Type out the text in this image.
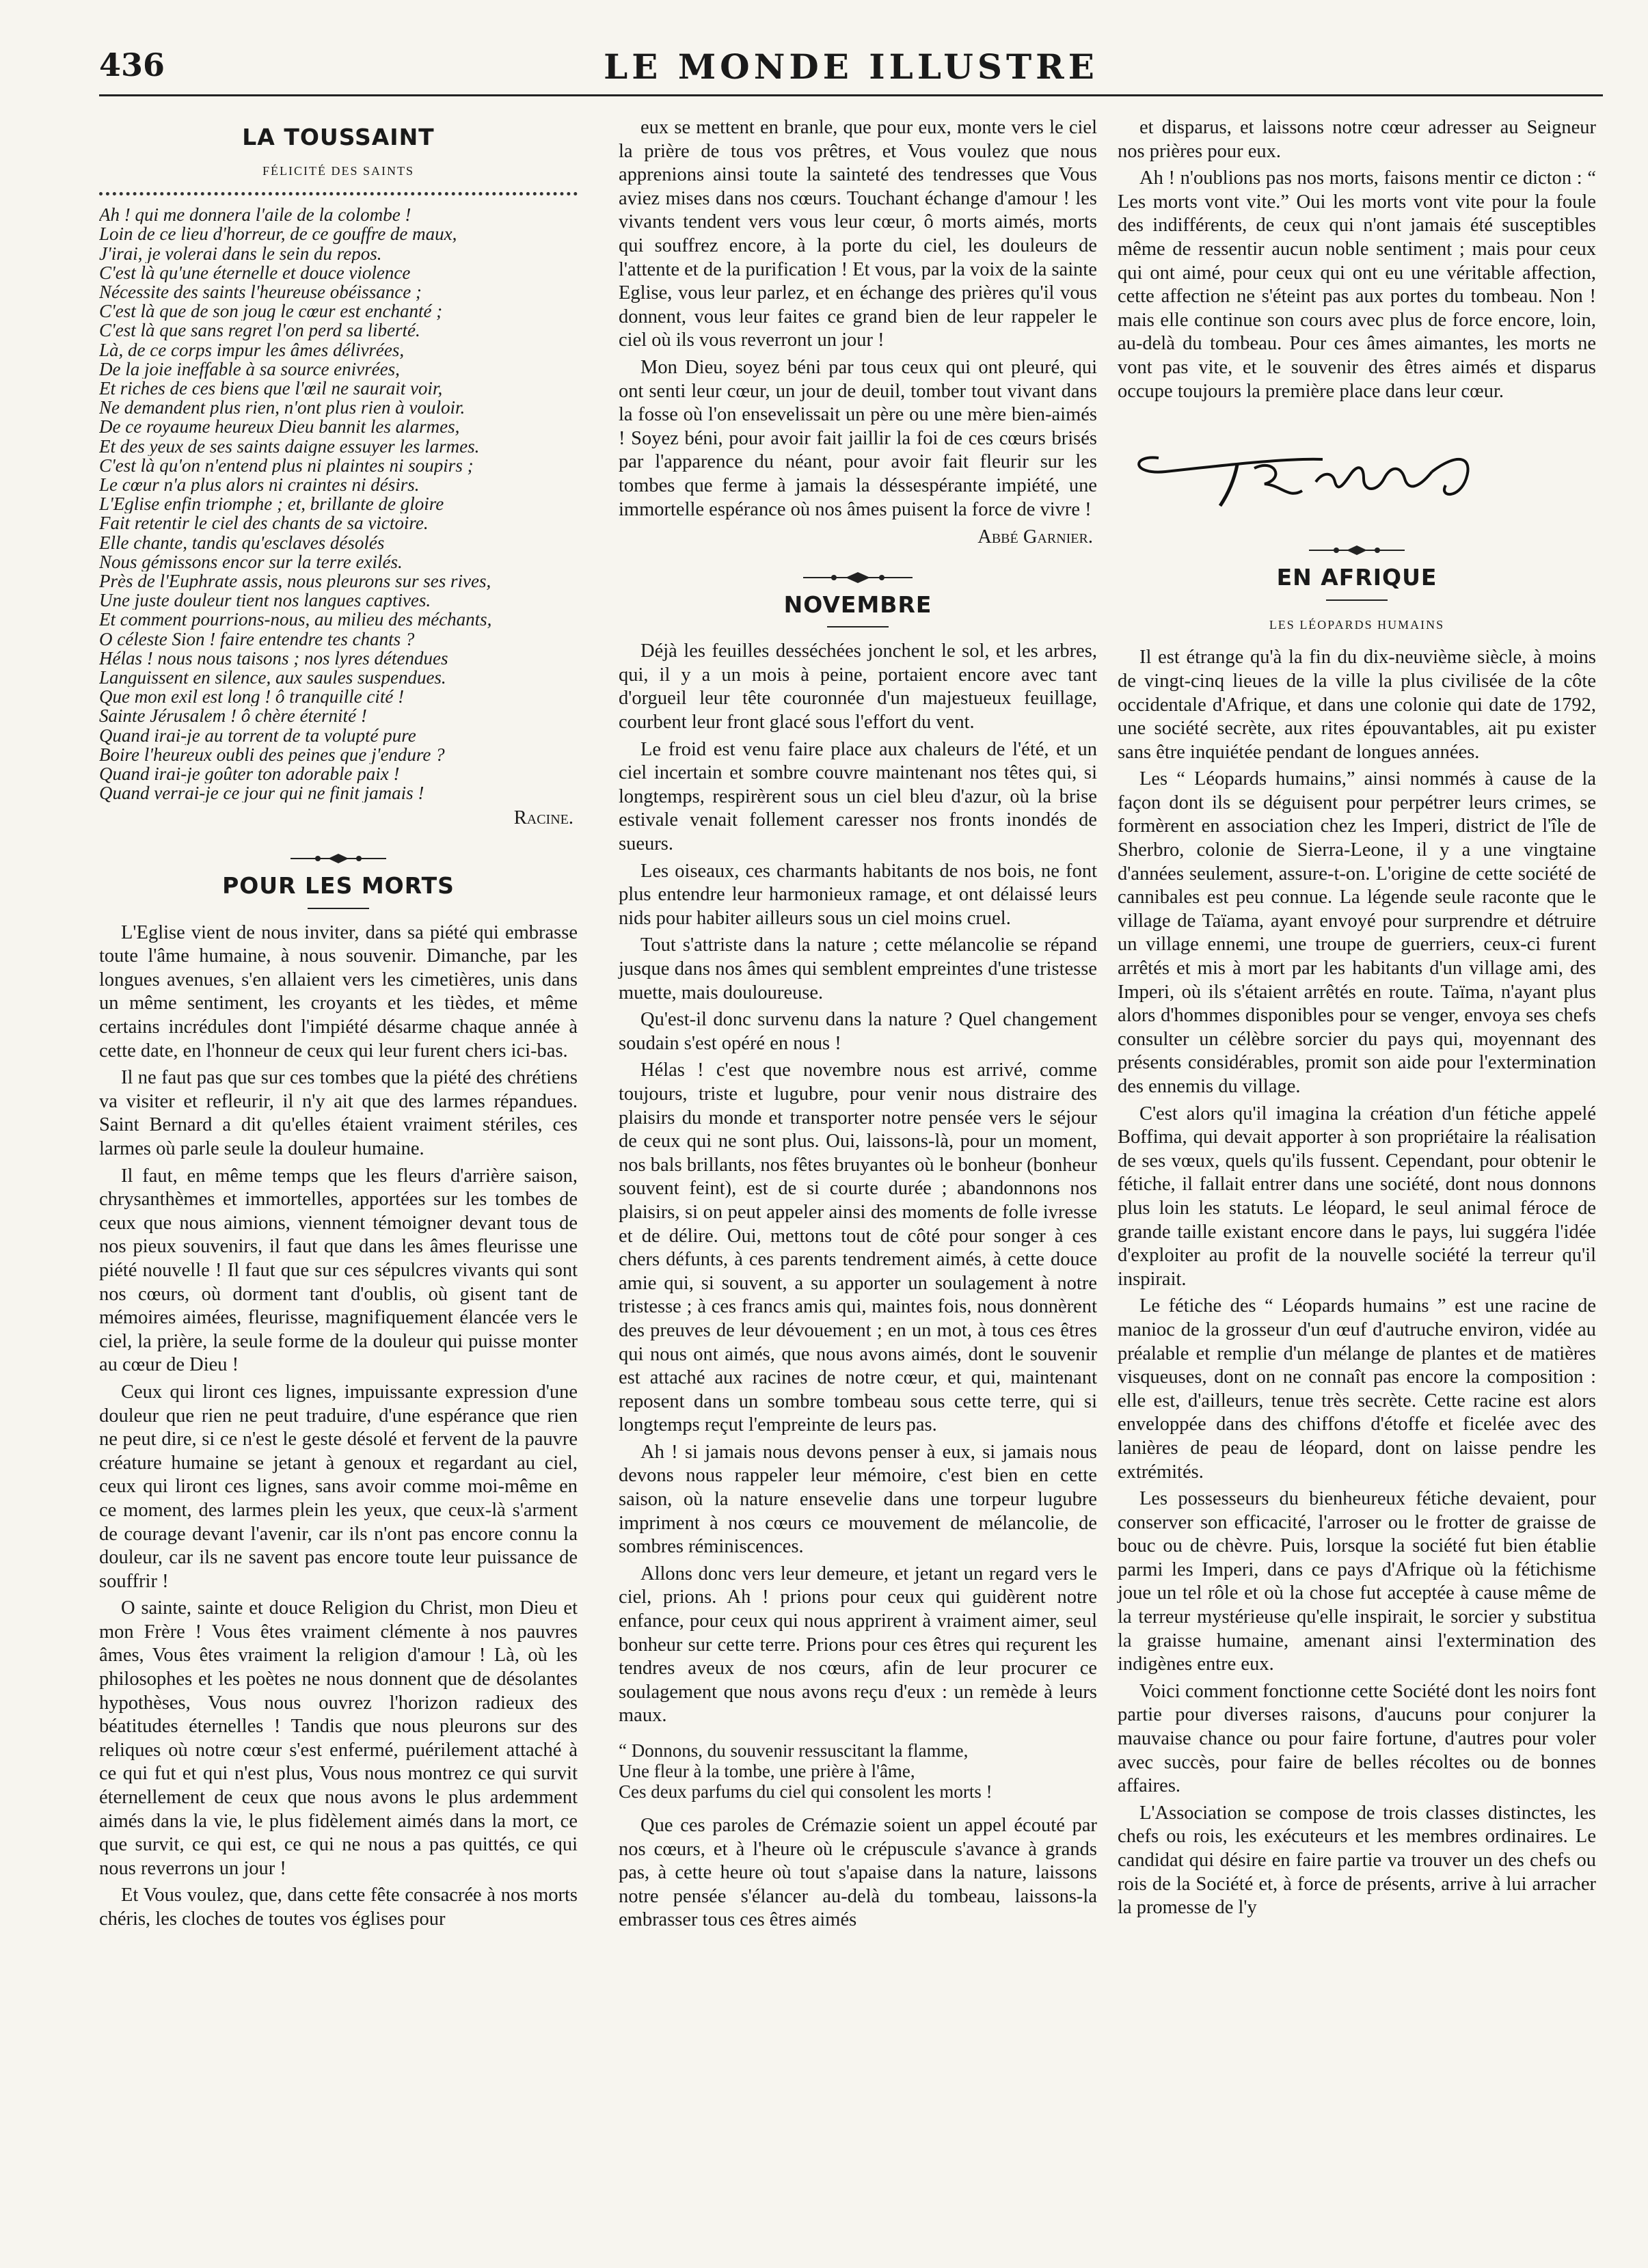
436	LE MONDE ILLUSTRE
LA TOUSSAINT
FÉLICITÉ DES SAINTS
Ah ! qui me donnera l'aile de la colombe !
Loin de ce lieu d'horreur, de ce gouffre de maux,
J'irai, je volerai dans le sein du repos.
C'est là qu'une éternelle et douce violence
Nécessite des saints l'heureuse obéissance ;
C'est là que de son joug le cœur est enchanté ;
C'est là que sans regret l'on perd sa liberté.
Là, de ce corps impur les âmes délivrées,
De la joie ineffable à sa source enivrées,
Et riches de ces biens que l'œil ne saurait voir,
Ne demandent plus rien, n'ont plus rien à vouloir.
De ce royaume heureux Dieu bannit les alarmes,
Et des yeux de ses saints daigne essuyer les larmes.
C'est là qu'on n'entend plus ni plaintes ni soupirs ;
Le cœur n'a plus alors ni craintes ni désirs.
L'Eglise enfin triomphe ; et, brillante de gloire
Fait retentir le ciel des chants de sa victoire.
Elle chante, tandis qu'esclaves désolés
Nous gémissons encor sur la terre exilés.
Près de l'Euphrate assis, nous pleurons sur ses rives,
Une juste douleur tient nos langues captives.
Et comment pourrions-nous, au milieu des méchants,
O céleste Sion ! faire entendre tes chants ?
Hélas ! nous nous taisons ; nos lyres détendues
Languissent en silence, aux saules suspendues.
Que mon exil est long ! ô tranquille cité !
Sainte Jérusalem ! ô chère éternité !
Quand irai-je au torrent de ta volupté pure
Boire l'heureux oubli des peines que j'endure ?
Quand irai-je goûter ton adorable paix !
Quand verrai-je ce jour qui ne finit jamais !
Racine.
POUR LES MORTS

L'Eglise vient de nous inviter, dans sa piété qui embrasse toute l'âme humaine, à nous souvenir. Dimanche, par les longues avenues, s'en allaient vers les cimetières, unis dans un même sentiment, les croyants et les tièdes, et même certains incrédules dont l'impiété désarme chaque année à cette date, en l'honneur de ceux qui leur furent chers ici-bas.

Il ne faut pas que sur ces tombes que la piété des chrétiens va visiter et refleurir, il n'y ait que des larmes répandues. Saint Bernard a dit qu'elles étaient vraiment stériles, ces larmes où parle seule la douleur humaine.

Il faut, en même temps que les fleurs d'arrière saison, chrysanthèmes et immortelles, apportées sur les tombes de ceux que nous aimions, viennent témoigner devant tous de nos pieux souvenirs, il faut que dans les âmes fleurisse une piété nouvelle ! Il faut que sur ces sépulcres vivants qui sont nos cœurs, où dorment tant d'oublis, où gisent tant de mémoires aimées, fleurisse, magnifiquement élancée vers le ciel, la prière, la seule forme de la douleur qui puisse monter au cœur de Dieu !

Ceux qui liront ces lignes, impuissante expression d'une douleur que rien ne peut traduire, d'une espérance que rien ne peut dire, si ce n'est le geste désolé et fervent de la pauvre créature humaine se jetant à genoux et regardant au ciel, ceux qui liront ces lignes, sans avoir comme moi-même en ce moment, des larmes plein les yeux, que ceux-là s'arment de courage devant l'avenir, car ils n'ont pas encore connu la douleur, car ils ne savent pas encore toute leur puissance de souffrir !

O sainte, sainte et douce Religion du Christ, mon Dieu et mon Frère ! Vous êtes vraiment clémente à nos pauvres âmes, Vous êtes vraiment la religion d'amour ! Là, où les philosophes et les poètes ne nous donnent que de désolantes hypothèses, Vous nous ouvrez l'horizon radieux des béatitudes éternelles ! Tandis que nous pleurons sur des reliques où notre cœur s'est enfermé, puérilement attaché à ce qui fut et qui n'est plus, Vous nous montrez ce qui survit éternellement de ceux que nous avons le plus ardemment aimés dans la vie, le plus fidèlement aimés dans la mort, ce que survit, ce qui est, ce qui ne nous a pas quittés, ce qui nous reverrons un jour !

Et Vous voulez, que, dans cette fête consacrée à nos morts chéris, les cloches de toutes vos églises pour

eux se mettent en branle, que pour eux, monte vers le ciel la prière de tous vos prêtres, et Vous voulez que nous apprenions ainsi toute la sainteté des tendresses que Vous aviez mises dans nos cœurs. Touchant échange d'amour ! les vivants tendent vers vous leur cœur, ô morts aimés, morts qui souffrez encore, à la porte du ciel, les douleurs de l'attente et de la purification ! Et vous, par la voix de la sainte Eglise, vous leur parlez, et en échange des prières qu'il vous donnent, vous leur faites ce grand bien de leur rappeler le ciel où ils vous reverront un jour !

Mon Dieu, soyez béni par tous ceux qui ont pleuré, qui ont senti leur cœur, un jour de deuil, tomber tout vivant dans la fosse où l'on ensevelissait un père ou une mère bien-aimés ! Soyez béni, pour avoir fait jaillir la foi de ces cœurs brisés par l'apparence du néant, pour avoir fait fleurir sur les tombes que ferme à jamais la déssespérante impiété, une immortelle espérance où nos âmes puisent la force de vivre !

Abbé Garnier.
NOVEMBRE

Déjà les feuilles desséchées jonchent le sol, et les arbres, qui, il y a un mois à peine, portaient encore avec tant d'orgueil leur tête couronnée d'un majestueux feuillage, courbent leur front glacé sous l'effort du vent.

Le froid est venu faire place aux chaleurs de l'été, et un ciel incertain et sombre couvre maintenant nos têtes qui, si longtemps, respirèrent sous un ciel bleu d'azur, où la brise estivale venait follement caresser nos fronts inondés de sueurs.

Les oiseaux, ces charmants habitants de nos bois, ne font plus entendre leur harmonieux ramage, et ont délaissé leurs nids pour habiter ailleurs sous un ciel moins cruel.

Tout s'attriste dans la nature ; cette mélancolie se répand jusque dans nos âmes qui semblent empreintes d'une tristesse muette, mais douloureuse.

Qu'est-il donc survenu dans la nature ? Quel changement soudain s'est opéré en nous !

Hélas ! c'est que novembre nous est arrivé, comme toujours, triste et lugubre, pour venir nous distraire des plaisirs du monde et transporter notre pensée vers le séjour de ceux qui ne sont plus. Oui, laissons-là, pour un moment, nos bals brillants, nos fêtes bruyantes où le bonheur (bonheur souvent feint), est de si courte durée ; abandonnons nos plaisirs, si on peut appeler ainsi des moments de folle ivresse et de délire. Oui, mettons tout de côté pour songer à ces chers défunts, à ces parents tendrement aimés, à cette douce amie qui, si souvent, a su apporter un soulagement à notre tristesse ; à ces francs amis qui, maintes fois, nous donnèrent des preuves de leur dévouement ; en un mot, à tous ces êtres qui nous ont aimés, que nous avons aimés, dont le souvenir est attaché aux racines de notre cœur, et qui, maintenant reposent dans un sombre tombeau sous cette terre, qui si longtemps reçut l'empreinte de leurs pas.

Ah ! si jamais nous devons penser à eux, si jamais nous devons nous rappeler leur mémoire, c'est bien en cette saison, où la nature ensevelie dans une torpeur lugubre impriment à nos cœurs ce mouvement de mélancolie, de sombres réminiscences.

Allons donc vers leur demeure, et jetant un regard vers le ciel, prions. Ah ! prions pour ceux qui guidèrent notre enfance, pour ceux qui nous apprirent à vraiment aimer, seul bonheur sur cette terre. Prions pour ces êtres qui reçurent les tendres aveux de nos cœurs, afin de leur procurer ce soulagement que nous avons reçu d'eux : un remède à leurs maux.

“ Donnons, du souvenir ressuscitant la flamme,
Une fleur à la tombe, une prière à l'âme,
Ces deux parfums du ciel qui consolent les morts !

Que ces paroles de Crémazie soient un appel écouté par nos cœurs, et à l'heure où le crépuscule s'avance à grands pas, à cette heure où tout s'apaise dans la nature, laissons notre pensée s'élancer au-delà du tombeau, laissons-la embrasser tous ces êtres aimés

et disparus, et laissons notre cœur adresser au Seigneur nos prières pour eux.

Ah ! n'oublions pas nos morts, faisons mentir ce dicton : “ Les morts vont vite.” Oui les morts vont vite pour la foule des indifférents, de ceux qui n'ont jamais été susceptibles même de ressentir aucun noble sentiment ; mais pour ceux qui ont aimé, pour ceux qui ont eu une véritable affection, cette affection ne s'éteint pas aux portes du tombeau. Non ! mais elle continue son cours avec plus de force encore, loin, au-delà du tombeau. Pour ces âmes aimantes, les morts ne vont pas vite, et le souvenir des êtres aimés et disparus occupe toujours la première place dans leur cœur.

EN AFRIQUE
LES LÉOPARDS HUMAINS

Il est étrange qu'à la fin du dix-neuvième siècle, à moins de vingt-cinq lieues de la ville la plus civilisée de la côte occidentale d'Afrique, et dans une colonie qui date de 1792, une société secrète, aux rites épouvantables, ait pu exister sans être inquiétée pendant de longues années.

Les “ Léopards humains,” ainsi nommés à cause de la façon dont ils se déguisent pour perpétrer leurs crimes, se formèrent en association chez les Imperi, district de l'île de Sherbro, colonie de Sierra-Leone, il y a une vingtaine d'années seulement, assure-t-on. L'origine de cette société de cannibales est peu connue. La légende seule raconte que le village de Taïama, ayant envoyé pour surprendre et détruire un village ennemi, une troupe de guerriers, ceux-ci furent arrêtés et mis à mort par les habitants d'un village ami, des Imperi, où ils s'étaient arrêtés en route. Taïma, n'ayant plus alors d'hommes disponibles pour se venger, envoya ses chefs consulter un célèbre sorcier du pays qui, moyennant des présents considérables, promit son aide pour l'extermination des ennemis du village.

C'est alors qu'il imagina la création d'un fétiche appelé Boffima, qui devait apporter à son propriétaire la réalisation de ses vœux, quels qu'ils fussent. Cependant, pour obtenir le fétiche, il fallait entrer dans une société, dont nous donnons plus loin les statuts. Le léopard, le seul animal féroce de grande taille existant encore dans le pays, lui suggéra l'idée d'exploiter au profit de la nouvelle société la terreur qu'il inspirait.

Le fétiche des “ Léopards humains ” est une racine de manioc de la grosseur d'un œuf d'autruche environ, vidée au préalable et remplie d'un mélange de plantes et de matières visqueuses, dont on ne connaît pas encore la composition : elle est, d'ailleurs, tenue très secrète. Cette racine est alors enveloppée dans des chiffons d'étoffe et ficelée avec des lanières de peau de léopard, dont on laisse pendre les extrémités.

Les possesseurs du bienheureux fétiche devaient, pour conserver son efficacité, l'arroser ou le frotter de graisse de bouc ou de chèvre. Puis, lorsque la société fut bien établie parmi les Imperi, dans ce pays d'Afrique où la fétichisme joue un tel rôle et où la chose fut acceptée à cause même de la terreur mystérieuse qu'elle inspirait, le sorcier y substitua la graisse humaine, amenant ainsi l'extermination des indigènes entre eux.

Voici comment fonctionne cette Société dont les noirs font partie pour diverses raisons, d'aucuns pour conjurer la mauvaise chance ou pour faire fortune, d'autres pour voler avec succès, pour faire de belles récoltes ou de bonnes affaires.

L'Association se compose de trois classes distinctes, les chefs ou rois, les exécuteurs et les membres ordinaires. Le candidat qui désire en faire partie va trouver un des chefs ou rois de la Société et, à force de présents, arrive à lui arracher la promesse de l'y
